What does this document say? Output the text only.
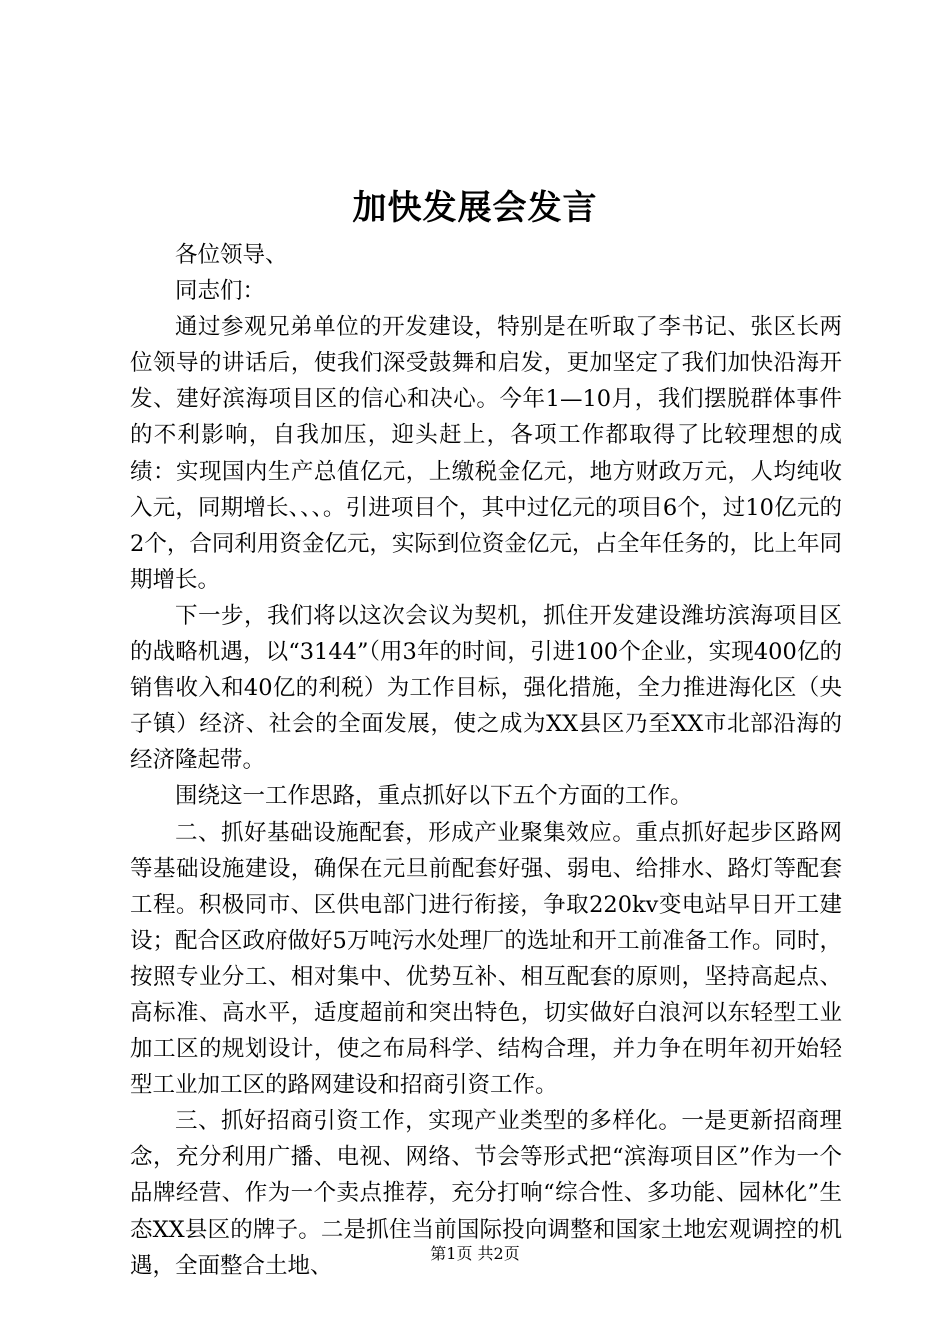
加快发展会发言

各位领导、

同志们：

通过参观兄弟单位的开发建设，特别是在听取了李书记、张区长两位领导的讲话后，使我们深受鼓舞和启发，更加坚定了我们加快沿海开发、建好滨海项目区的信心和决心。今年1—10月，我们摆脱群体事件的不利影响，自我加压，迎头赶上，各项工作都取得了比较理想的成绩：实现国内生产总值亿元，上缴税金亿元，地方财政万元，人均纯收入元，同期增长、、、。引进项目个，其中过亿元的项目6个，过10亿元的2个，合同利用资金亿元，实际到位资金亿元，占全年任务的，比上年同期增长。

下一步，我们将以这次会议为契机，抓住开发建设潍坊滨海项目区的战略机遇，以“3144”（用3年的时间，引进100个企业，实现400亿的销售收入和40亿的利税）为工作目标，强化措施，全力推进海化区（央子镇）经济、社会的全面发展，使之成为XX县区乃至XX市北部沿海的经济隆起带。

围绕这一工作思路，重点抓好以下五个方面的工作。

二、抓好基础设施配套，形成产业聚集效应。重点抓好起步区路网等基础设施建设，确保在元旦前配套好强、弱电、给排水、路灯等配套工程。积极同市、区供电部门进行衔接，争取220kv变电站早日开工建设；配合区政府做好5万吨污水处理厂的选址和开工前准备工作。同时，按照专业分工、相对集中、优势互补、相互配套的原则，坚持高起点、高标准、高水平，适度超前和突出特色，切实做好白浪河以东轻型工业加工区的规划设计，使之布局科学、结构合理，并力争在明年初开始轻型工业加工区的路网建设和招商引资工作。

三、抓好招商引资工作，实现产业类型的多样化。一是更新招商理念，充分利用广播、电视、网络、节会等形式把“滨海项目区”作为一个品牌经营、作为一个卖点推荐，充分打响“综合性、多功能、园林化”生态XX县区的牌子。二是抓住当前国际投向调整和国家土地宏观调控的机遇，全面整合土地、	第1页 共2页
